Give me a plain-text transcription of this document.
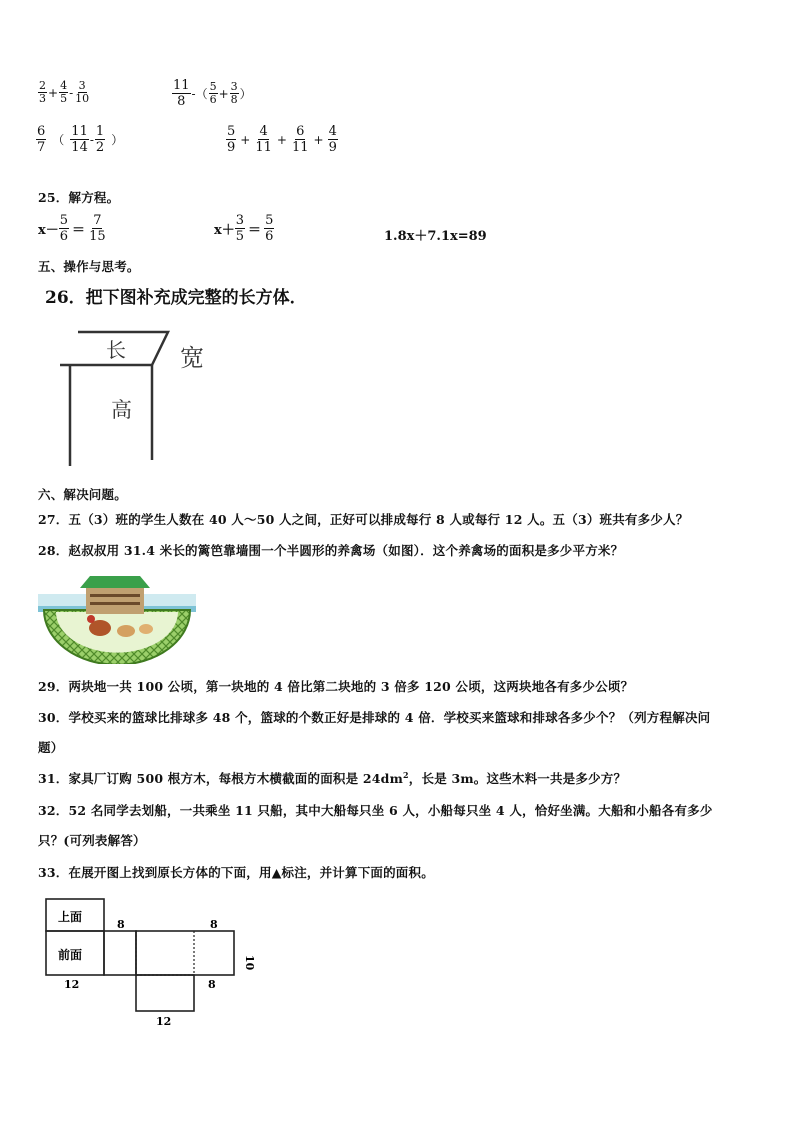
$\frac{2}{3} + \frac{4}{5} - \frac{3}{10}$	$\frac{11}{8}$ -（ $\frac{5}{6} + \frac{3}{8}$ ）
$\frac{6}{7}$ （ $\frac{11}{14} - \frac{1}{2}$ ）	$\frac{5}{9} + \frac{4}{11} + \frac{6}{11} + \frac{4}{9}$
25．解方程。
$x- \frac{5}{6} = \frac{7}{15}$	$x+ \frac{3}{5} = \frac{5}{6}$	1.8x＋7.1x=89
五、操作与思考。
26．把下图补充成完整的长方体．
长 宽
高
六、解决问题。
27．五（3）班的学生人数在 40 人～50 人之间，正好可以排成每行 8 人或每行 12 人。五（3）班共有多少人？
28．赵叔叔用 31.4 米长的篱笆靠墙围一个半圆形的养禽场（如图）．这个养禽场的面积是多少平方米？
29．两块地一共 100 公顷，第一块地的 4 倍比第二块地的 3 倍多 120 公顷，这两块地各有多少公顷？
30．学校买来的篮球比排球多 48 个，篮球的个数正好是排球的 4 倍．学校买来篮球和排球各多少个？（列方程解决问
题）
31．家具厂订购 500 根方木，每根方木横截面的面积是 $24dm^2$，长是 3m。这些木料一共是多少方？
32．52 名同学去划船，一共乘坐 11 只船，其中大船每只坐 6 人，小船每只坐 4 人，恰好坐满。大船和小船各有多少
只？(可列表解答）
33．在展开图上找到原长方体的下面，用▲标注，并计算下面的面积。
上面
前面
8	8
8
10
12
12
